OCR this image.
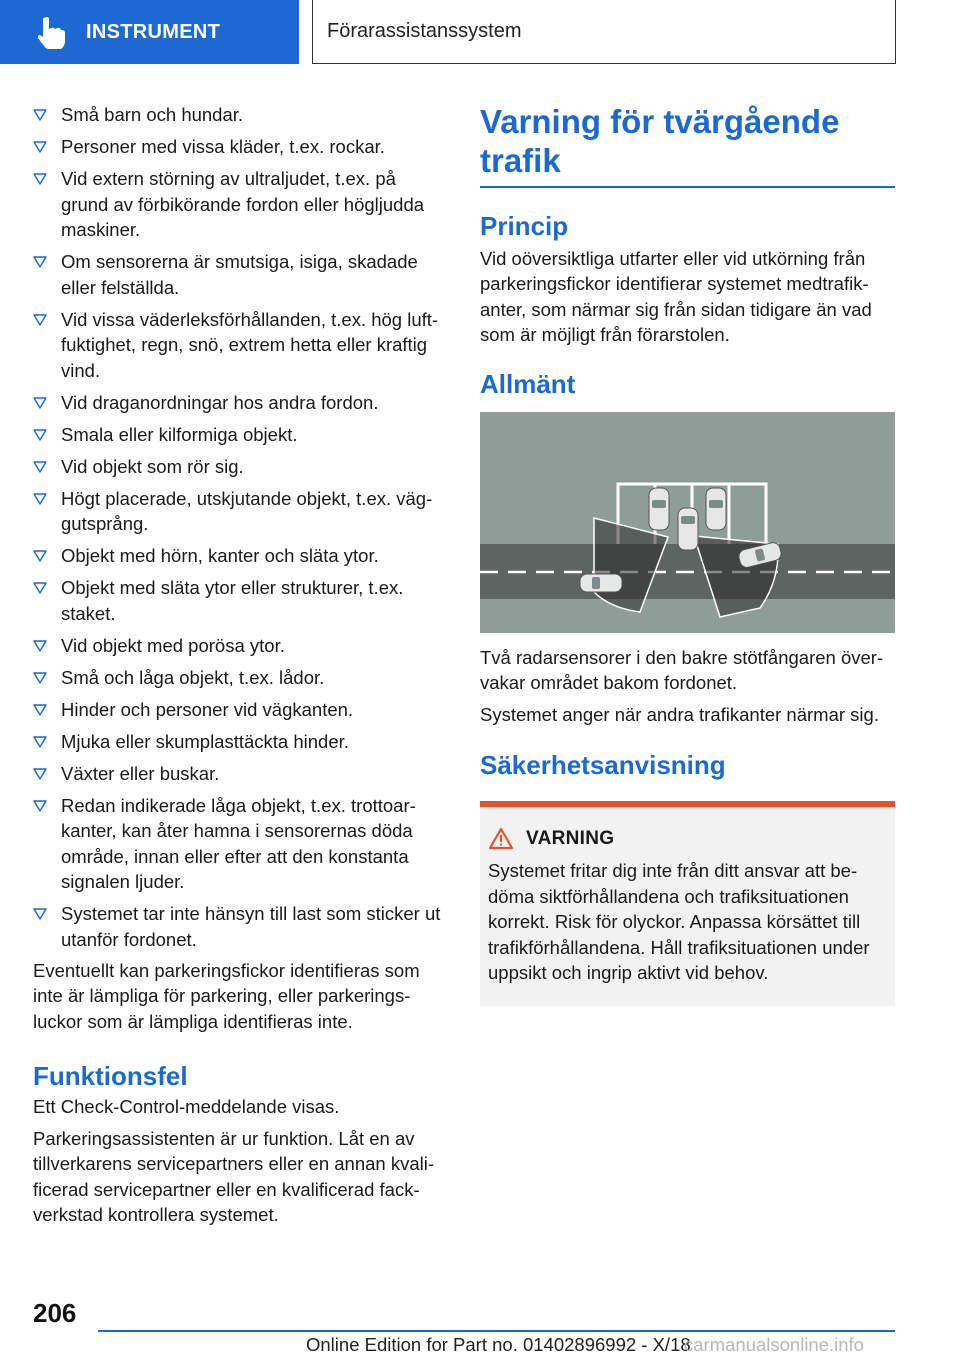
INSTRUMENT	Förarassistanssystem
Små barn och hundar.
Personer med vissa kläder, t.ex. rockar.
Vid extern störning av ultraljudet, t.ex. på grund av förbikörande fordon eller högljudda maskiner.
Om sensorerna är smutsiga, isiga, skadade eller felställda.
Vid vissa väderleksförhållanden, t.ex. hög luftfuktighet, regn, snö, extrem hetta eller kraftig vind.
Vid draganordningar hos andra fordon.
Smala eller kilformiga objekt.
Vid objekt som rör sig.
Högt placerade, utskjutande objekt, t.ex. väggutsprång.
Objekt med hörn, kanter och släta ytor.
Objekt med släta ytor eller strukturer, t.ex. staket.
Vid objekt med porösa ytor.
Små och låga objekt, t.ex. lådor.
Hinder och personer vid vägkanten.
Mjuka eller skumplasttäckta hinder.
Växter eller buskar.
Redan indikerade låga objekt, t.ex. trottoarkanter, kan åter hamna i sensorernas döda område, innan eller efter att den konstanta signalen ljuder.
Systemet tar inte hänsyn till last som sticker ut utanför fordonet.

Eventuellt kan parkeringsfickor identifieras som inte är lämpliga för parkering, eller parkeringsluckor som är lämpliga identifieras inte.

Funktionsfel

Ett Check-Control-meddelande visas.

Parkeringsassistenten är ur funktion. Låt en av tillverkarens servicepartners eller en annan kvalificerad servicepartner eller en kvalificerad fackverkstad kontrollera systemet.

Varning för tvärgående trafik
Princip

Vid oöversiktliga utfarter eller vid utkörning från parkeringsfickor identifierar systemet medtrafikanter, som närmar sig från sidan tidigare än vad som är möjligt från förarstolen.

Allmänt

Två radarsensorer i den bakre stötfångaren övervakar området bakom fordonet.

Systemet anger när andra trafikanter närmar sig.

Säkerhetsanvisning
VARNING

Systemet fritar dig inte från ditt ansvar att bedöma siktförhållandena och trafiksituationen korrekt. Risk för olyckor. Anpassa körsättet till trafikförhållandena. Håll trafiksituationen under uppsikt och ingrip aktivt vid behov.

206
Online Edition for Part no. 01402896992 - X/18
carmanualsonline.info
